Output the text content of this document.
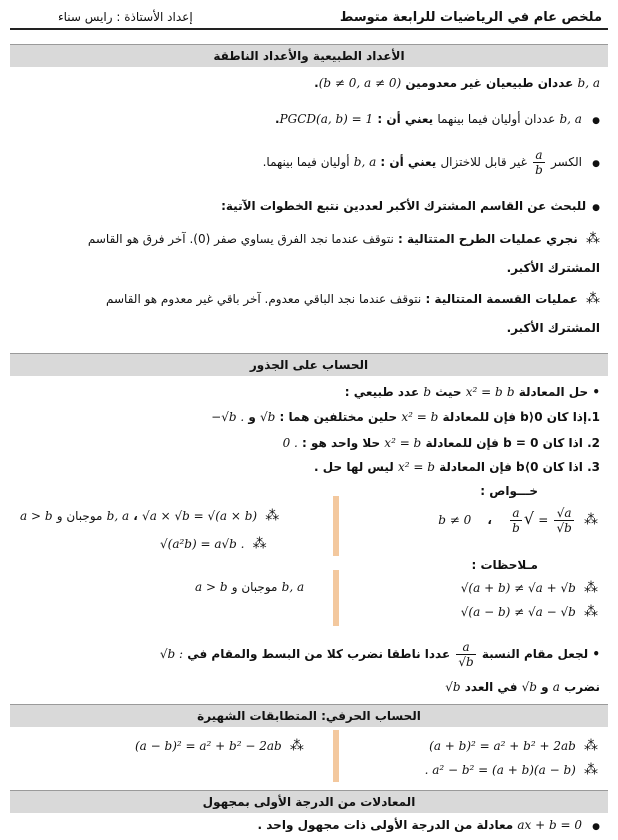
ملخص عام في الرياضيات للرابعة متوسط
إعداد الأستاذة : رايس سناء
الأعداد الطبيعية والأعداد الناطقة
b, a عددان طبيعيان غير معدومين (b ≠ 0, a ≠ 0).
● b, a عددان أوليان فيما بينهما يعني أن : PGCD(a, b) = 1.
● الكسر
$\frac{a}{b}$
غير قابل للاختزال يعني أن : b, a أوليان فيما بينهما.
● للبحث عن القاسم المشترك الأكبر لعددين نتبع الخطوات الآتية:
⁂ نجري عمليات الطرح المتتالية : نتوقف عندما نجد الفرق يساوي صفر (0). آخر فرق هو القاسم
المشترك الأكبر.
⁂ عمليات القسمة المتتالية : نتوقف عندما نجد الباقي معدوم. آخر باقي غير معدوم هو القاسم
المشترك الأكبر.
الحساب على الجذور
• حل المعادلة b x² = b حيث b عدد طبيعي :
1.إذا كان 0⟨b فإن للمعادلة x² = b حلين مختلفين هما : √b و −√b .
2. اذا كان b = 0 فإن للمعادلة x² = b حلا واحد هو : 0 .
3. اذا كان b⟨0 فإن المعادلة x² = b ليس لها حل .
خـــواص :
⁂ √a × √b = √(a × b) ، b, a موجبان و a > b
⁂ √(a²b) = a√b .
⁂
$\frac{√a}{√b}$
= √
$\frac{a}{b}$
، b ≠ 0
مـلاحظات :
⁂ √(a + b) ≠ √a + √b
⁂ √(a − b) ≠ √a − √b
b, a موجبان و a > b
• لجعل مقام النسبة
$\frac{a}{√b}$
عددا ناطقا نضرب كلا من البسط والمقام في √b :
نضرب a و √b في العدد √b
الحساب الحرفي: المتطابقات الشهيرة
⁂ (a + b)² = a² + b² + 2ab
⁂ (a − b)² = a² + b² − 2ab
⁂ . a² − b² = (a + b)(a − b)
المعادلات من الدرجة الأولى بمجهول
● ax + b = 0 معادلة من الدرجة الأولى ذات مجهول واحد .
